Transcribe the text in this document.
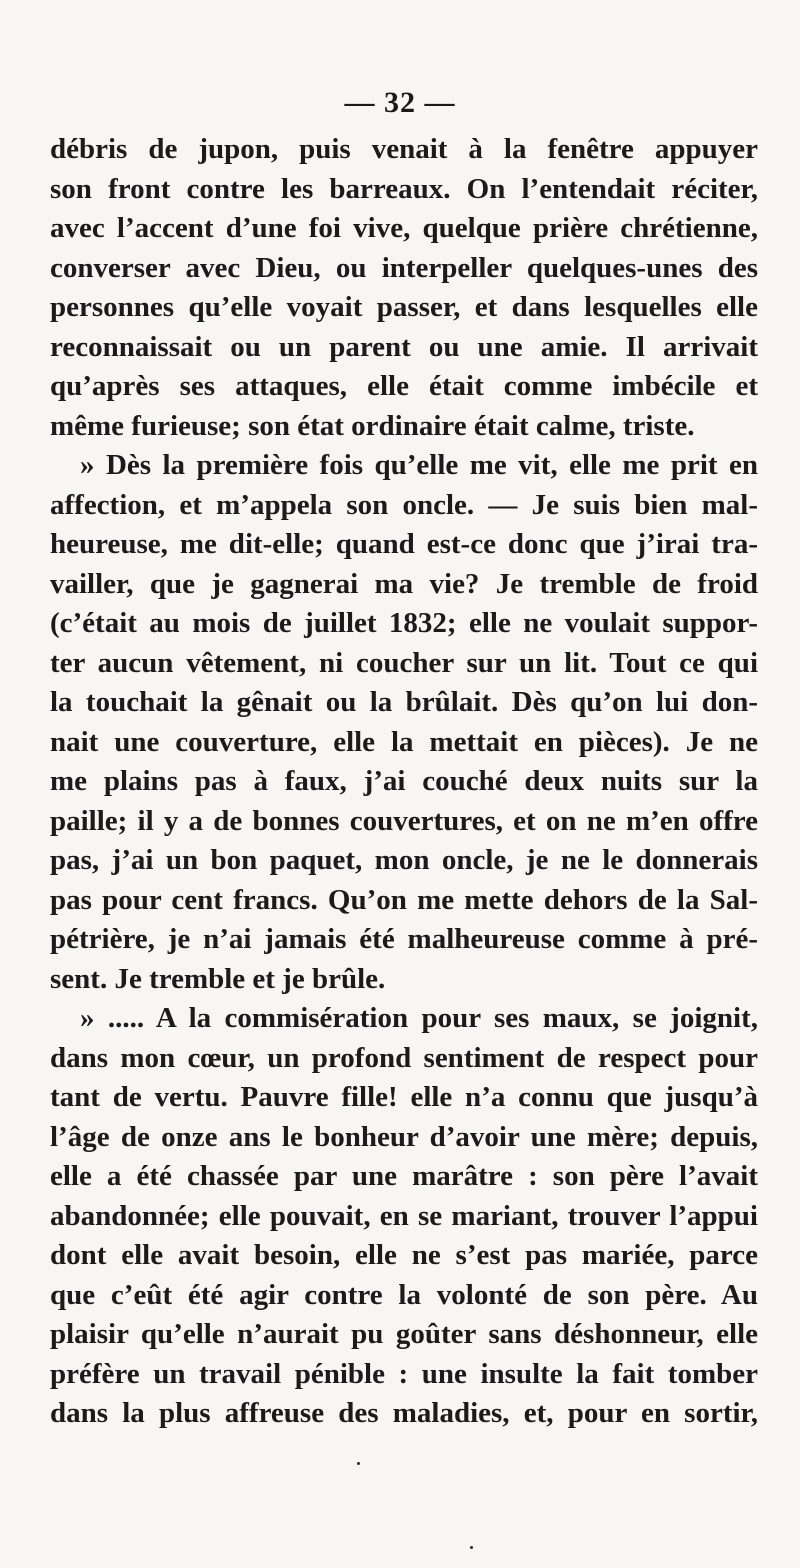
— 32 —
débris de jupon, puis venait à la fenêtre appuyer
son front contre les barreaux. On l’entendait réciter,
avec l’accent d’une foi vive, quelque prière chrétienne,
converser avec Dieu, ou interpeller quelques-unes des
personnes qu’elle voyait passer, et dans lesquelles elle
reconnaissait ou un parent ou une amie. Il arrivait
qu’après ses attaques, elle était comme imbécile et
même furieuse; son état ordinaire était calme, triste.
» Dès la première fois qu’elle me vit, elle me prit en
affection, et m’appela son oncle. — Je suis bien mal-
heureuse, me dit-elle; quand est-ce donc que j’irai tra-
vailler, que je gagnerai ma vie? Je tremble de froid
(c’était au mois de juillet 1832; elle ne voulait suppor-
ter aucun vêtement, ni coucher sur un lit. Tout ce qui
la touchait la gênait ou la brûlait. Dès qu’on lui don-
nait une couverture, elle la mettait en pièces). Je ne
me plains pas à faux, j’ai couché deux nuits sur la
paille; il y a de bonnes couvertures, et on ne m’en offre
pas, j’ai un bon paquet, mon oncle, je ne le donnerais
pas pour cent francs. Qu’on me mette dehors de la Sal-
pétrière, je n’ai jamais été malheureuse comme à pré-
sent. Je tremble et je brûle.
» ..... A la commisération pour ses maux, se joignit,
dans mon cœur, un profond sentiment de respect pour
tant de vertu. Pauvre fille! elle n’a connu que jusqu’à
l’âge de onze ans le bonheur d’avoir une mère; depuis,
elle a été chassée par une marâtre : son père l’avait
abandonnée; elle pouvait, en se mariant, trouver l’appui
dont elle avait besoin, elle ne s’est pas mariée, parce
que c’eût été agir contre la volonté de son père. Au
plaisir qu’elle n’aurait pu goûter sans déshonneur, elle
préfère un travail pénible : une insulte la fait tomber
dans la plus affreuse des maladies, et, pour en sortir,
